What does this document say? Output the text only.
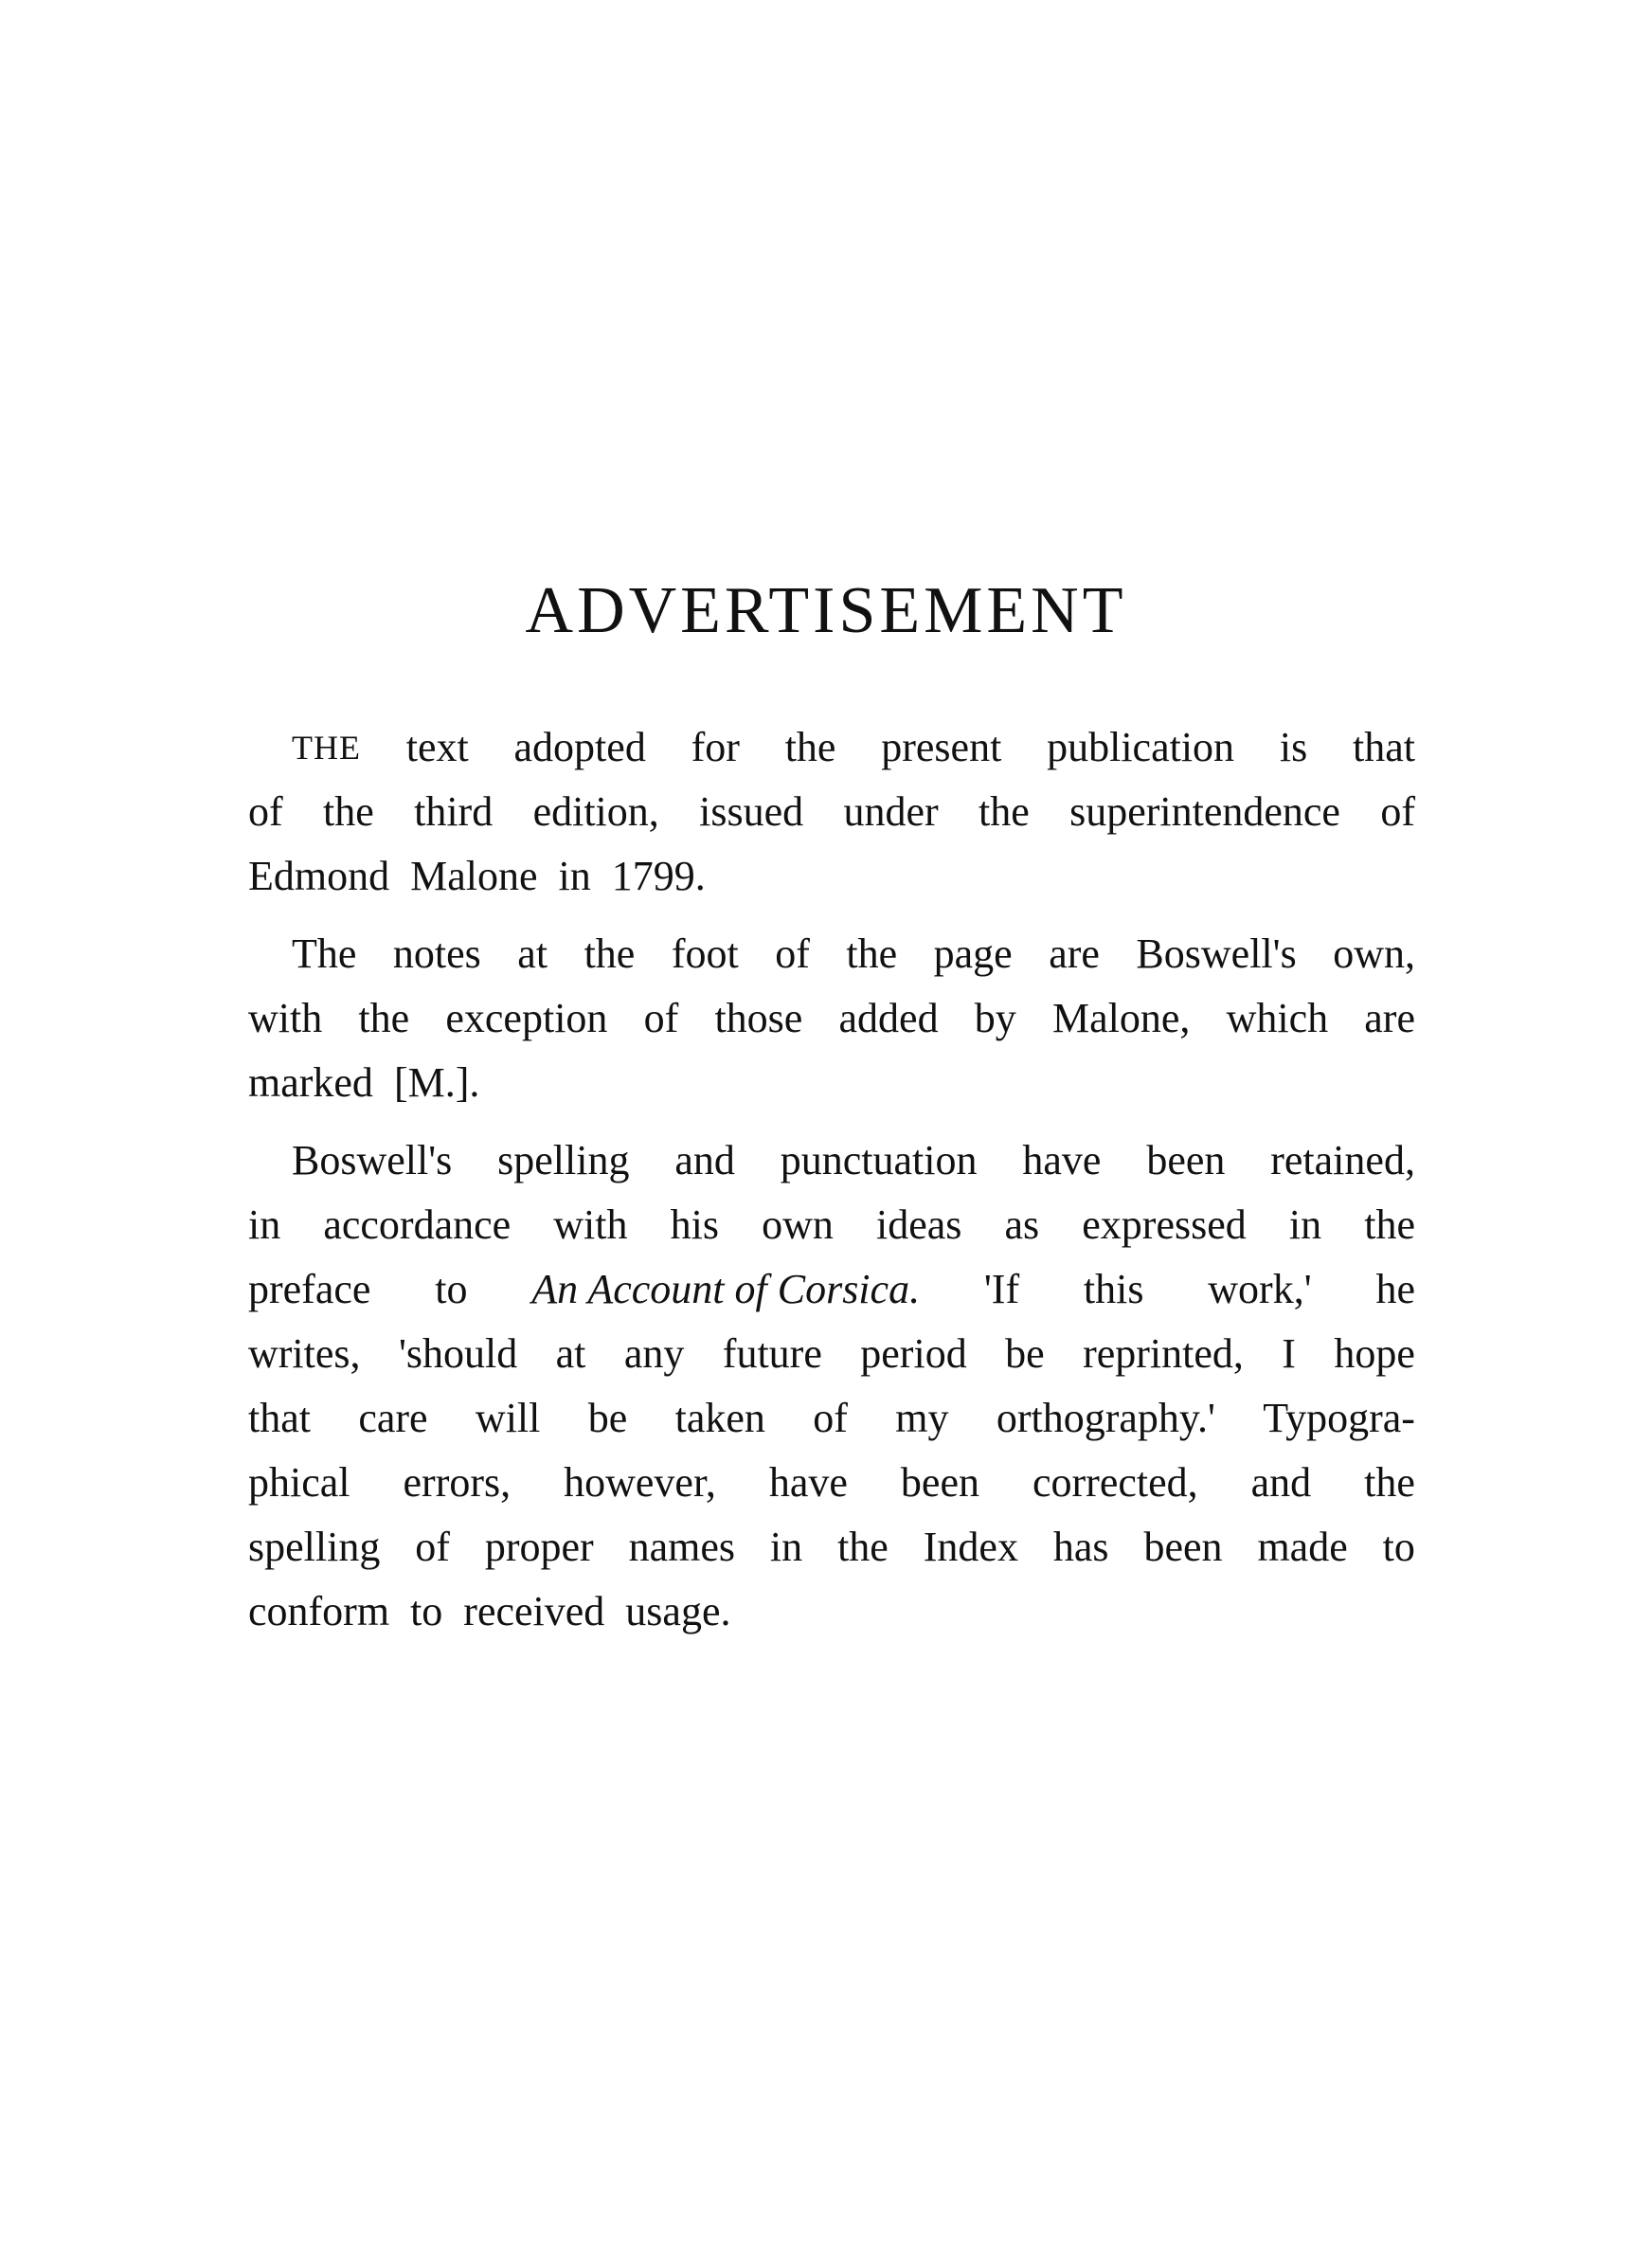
ADVERTISEMENT
THE text adopted for the present publication is that
of the third edition, issued under the superintendence of
Edmond Malone in 1799.
The notes at the foot of the page are Boswell's own,
with the exception of those added by Malone, which are
marked [M.].
Boswell's spelling and punctuation have been retained,
in accordance with his own ideas as expressed in the
preface to An Account of Corsica. 'If this work,' he
writes, 'should at any future period be reprinted, I hope
that care will be taken of my orthography.' Typogra-
phical errors, however, have been corrected, and the
spelling of proper names in the Index has been made to
conform to received usage.
